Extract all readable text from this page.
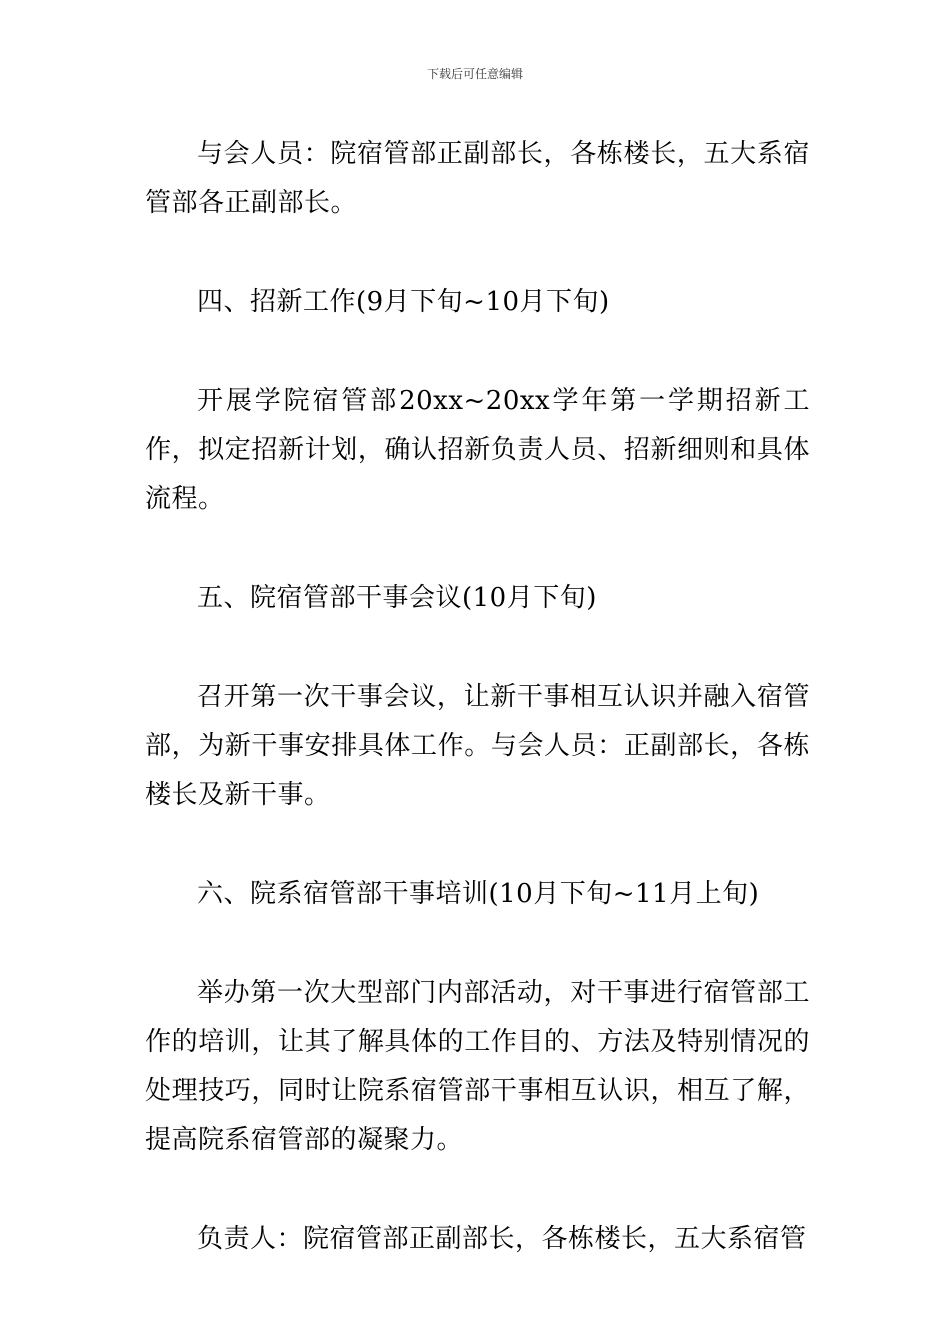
下载后可任意编辑

与会人员：院宿管部正副部长，各栋楼长，五大系宿管部各正副部长。

四、招新工作(9月下旬~10月下旬)

开展学院宿管部20xx~20xx学年第一学期招新工作，拟定招新计划，确认招新负责人员、招新细则和具体流程。

五、院宿管部干事会议(10月下旬)

召开第一次干事会议，让新干事相互认识并融入宿管部，为新干事安排具体工作。与会人员：正副部长，各栋楼长及新干事。

六、院系宿管部干事培训(10月下旬~11月上旬)

举办第一次大型部门内部活动，对干事进行宿管部工作的培训，让其了解具体的工作目的、方法及特别情况的处理技巧，同时让院系宿管部干事相互认识，相互了解，提高院系宿管部的凝聚力。

负责人：院宿管部正副部长，各栋楼长，五大系宿管
